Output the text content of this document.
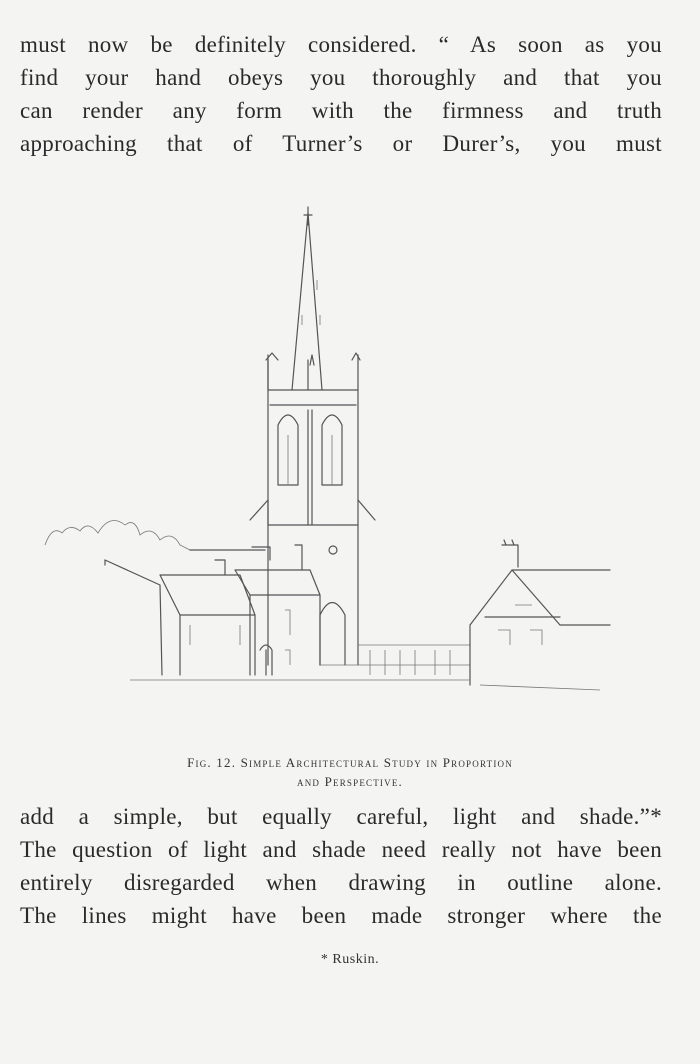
must now be definitely considered. “ As soon as you
find your hand obeys you thoroughly and that you
can render any form with the firmness and truth
approaching that of Turner’s or Durer’s, you must
Fig. 12. Simple Architectural Study in Proportion
and Perspective.
add a simple, but equally careful, light and shade.”*
The question of light and shade need really not have been
entirely disregarded when drawing in outline alone.
The lines might have been made stronger where the
* Ruskin.
